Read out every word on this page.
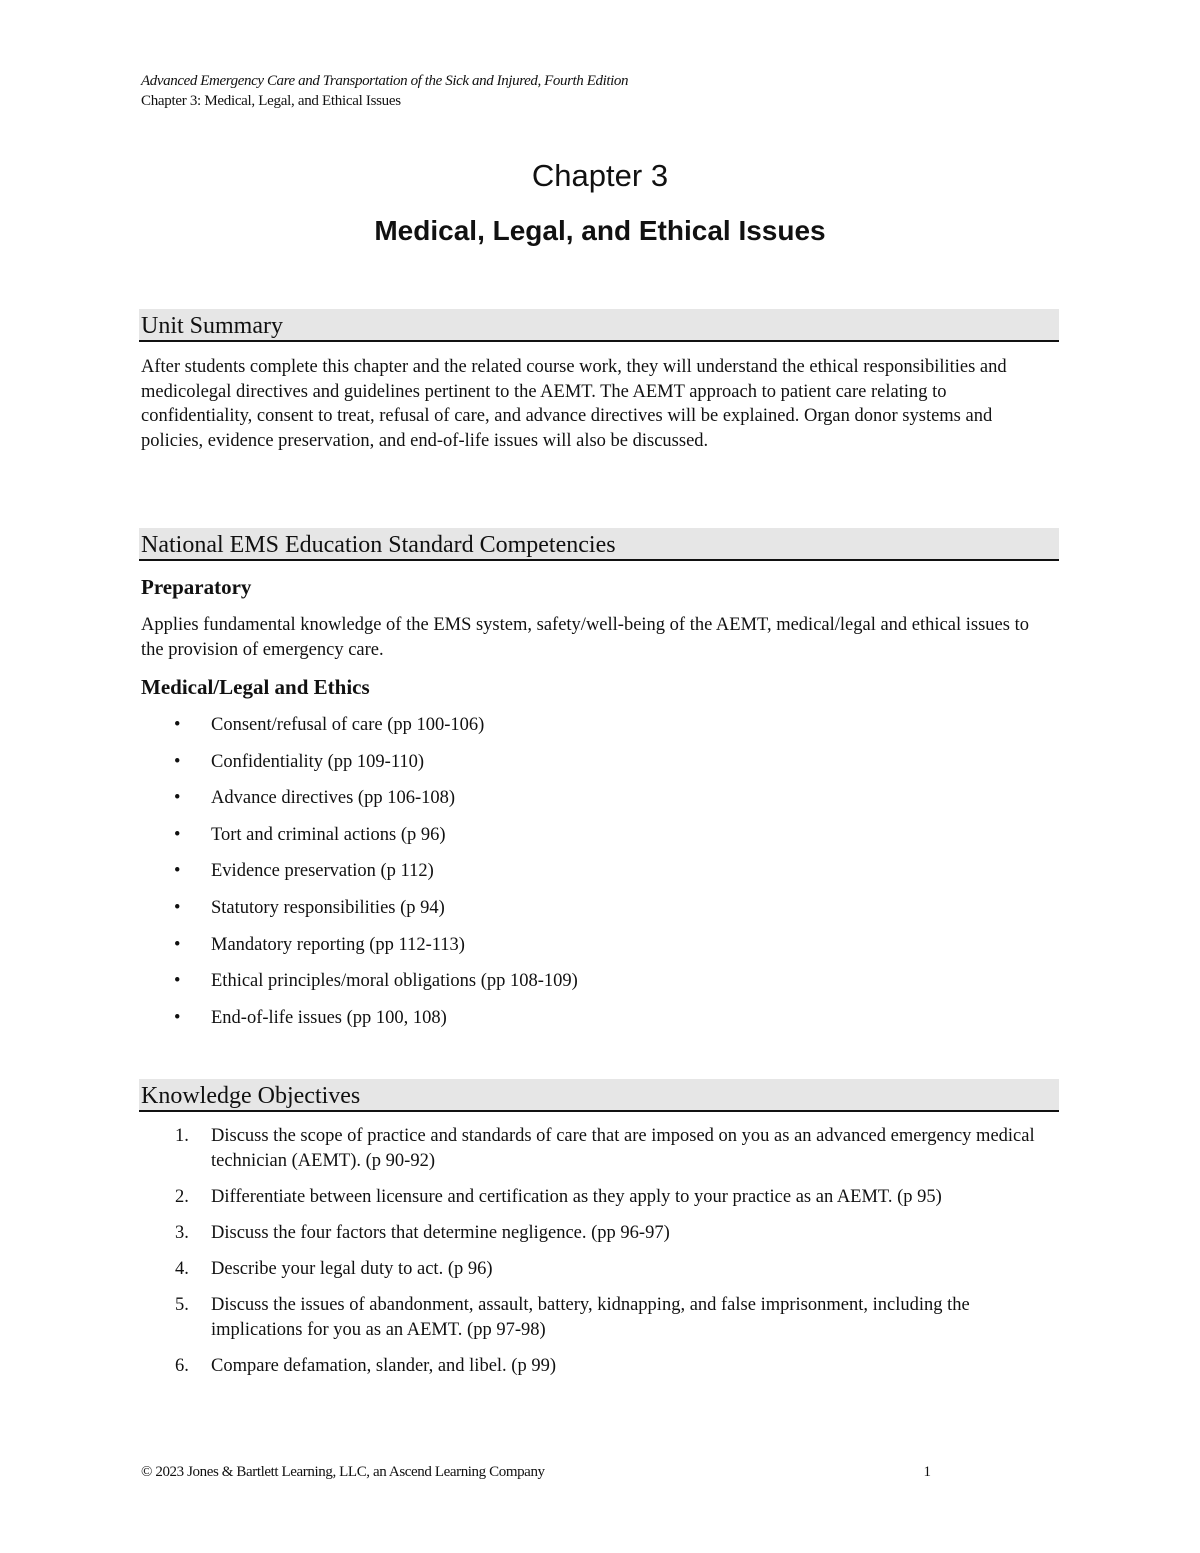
Advanced Emergency Care and Transportation of the Sick and Injured, Fourth Edition
Chapter 3: Medical, Legal, and Ethical Issues
Chapter 3
Medical, Legal, and Ethical Issues
Unit Summary
After students complete this chapter and the related course work, they will understand the ethical responsibilities and medicolegal directives and guidelines pertinent to the AEMT. The AEMT approach to patient care relating to confidentiality, consent to treat, refusal of care, and advance directives will be explained. Organ donor systems and policies, evidence preservation, and end-of-life issues will also be discussed.
National EMS Education Standard Competencies
Preparatory
Applies fundamental knowledge of the EMS system, safety/well-being of the AEMT, medical/legal and ethical issues to the provision of emergency care.
Medical/Legal and Ethics
• Consent/refusal of care (pp 100-106)
• Confidentiality (pp 109-110)
• Advance directives (pp 106-108)
• Tort and criminal actions (p 96)
• Evidence preservation (p 112)
• Statutory responsibilities (p 94)
• Mandatory reporting (pp 112-113)
• Ethical principles/moral obligations (pp 108-109)
• End-of-life issues (pp 100, 108)
Knowledge Objectives
1. Discuss the scope of practice and standards of care that are imposed on you as an advanced emergency medical technician (AEMT). (p 90-92)
2. Differentiate between licensure and certification as they apply to your practice as an AEMT. (p 95)
3. Discuss the four factors that determine negligence. (pp 96-97)
4. Describe your legal duty to act. (p 96)
5. Discuss the issues of abandonment, assault, battery, kidnapping, and false imprisonment, including the implications for you as an AEMT. (pp 97-98)
6. Compare defamation, slander, and libel. (p 99)
© 2023 Jones & Bartlett Learning, LLC, an Ascend Learning Company	1
